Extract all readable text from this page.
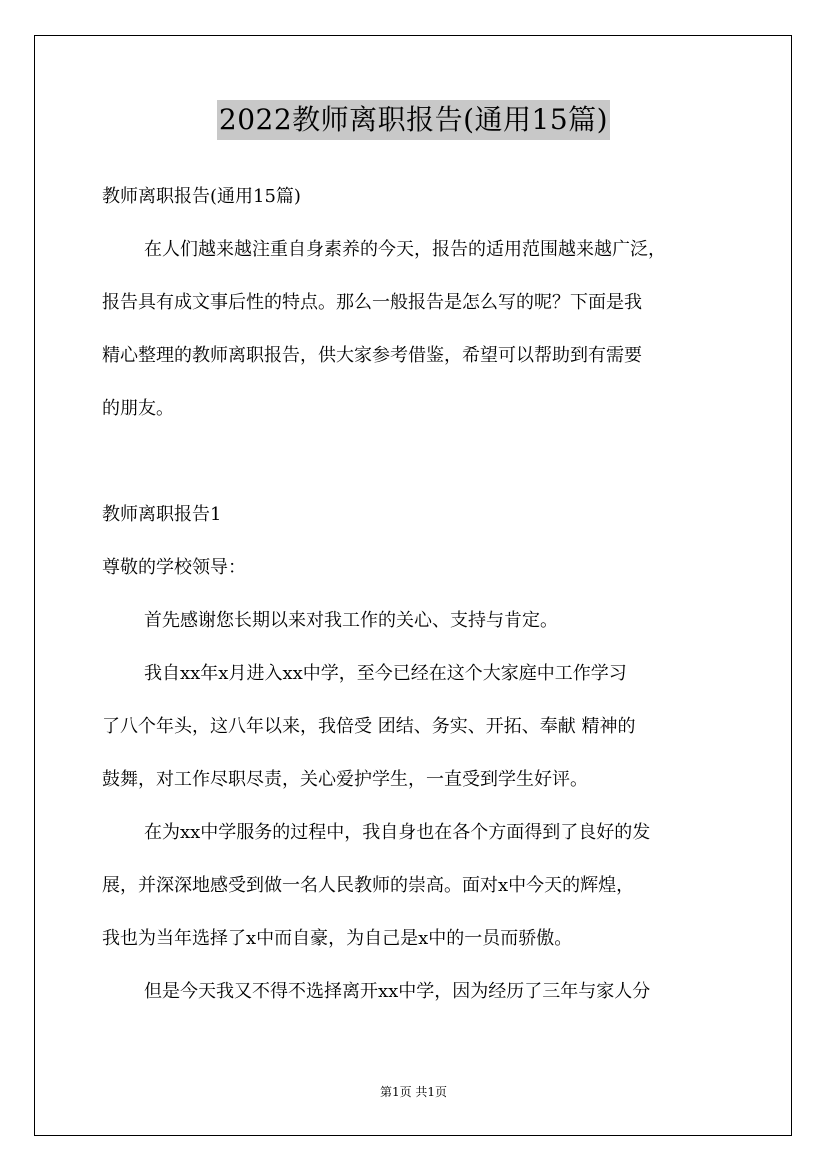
2022教师离职报告(通用15篇)
教师离职报告(通用15篇)
在人们越来越注重自身素养的今天，报告的适用范围越来越广泛，
报告具有成文事后性的特点。那么一般报告是怎么写的呢？下面是我
精心整理的教师离职报告，供大家参考借鉴，希望可以帮助到有需要
的朋友。
教师离职报告1
尊敬的学校领导：
首先感谢您长期以来对我工作的关心、支持与肯定。
我自xx年x月进入xx中学，至今已经在这个大家庭中工作学习
了八个年头，这八年以来，我倍受 团结、务实、开拓、奉献 精神的
鼓舞，对工作尽职尽责，关心爱护学生，一直受到学生好评。
在为xx中学服务的过程中，我自身也在各个方面得到了良好的发
展，并深深地感受到做一名人民教师的崇高。面对x中今天的辉煌，
我也为当年选择了x中而自豪，为自己是x中的一员而骄傲。
但是今天我又不得不选择离开xx中学，因为经历了三年与家人分
第1页 共1页
